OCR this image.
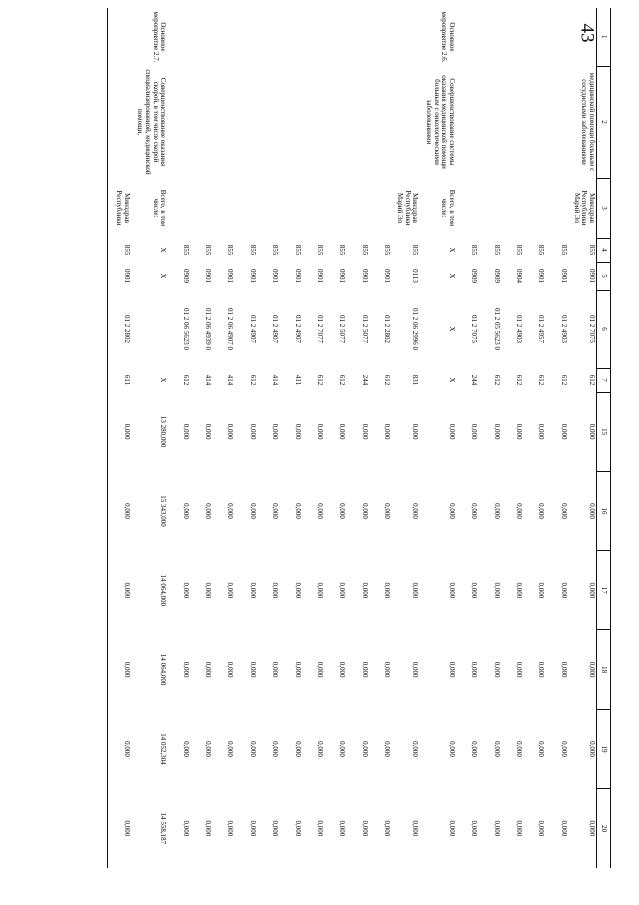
43 1	2	3	4	5	6	7	15	16	17	18	19	20
	медицинской помощи больным с сосудистыми заболеваниями	Минздрав Республики Марий Эл	855	0901	01 2 7075	612	0,000	0,000	0,000	0,000	0,000	0,000
			855	0901	01 2 4903	612	0,000	0,000	0,000	0,000	0,000	0,000
			855	0901	01 2 4957	612	0,000	0,000	0,000	0,000	0,000	0,000
			855	0904	01 2 4903	612	0,000	0,000	0,000	0,000	0,000	0,000
			855	0909	01 2 05 5623 0	612	0,000	0,000	0,000	0,000	0,000	0,000
			855	0909	01 2 7075	244	0,000	0,000	0,000	0,000	0,000	0,000
Основное мероприятие 2.6.	Совершенствование системы оказания медицинской помощи больным с онкологическими заболеваниями	Всего, в том числе:	X	X	X	X	0,000	0,000	0,000	0,000	0,000	0,000
		Минздрав Республики Марий Эл	855	0113	01 2 06 2996 0	831	0,000	0,000	0,000	0,000	0,000	0,000
			855	0901	01 2 2802	612	0,000	0,000	0,000	0,000	0,000	0,000
			855	0901	01 2 5077	244	0,000	0,000	0,000	0,000	0,000	0,000
			855	0901	01 2 5077	612	0,000	0,000	0,000	0,000	0,000	0,000
			855	0901	01 2 7077	612	0,000	0,000	0,000	0,000	0,000	0,000
			855	0901	01 2 4907	411	0,000	0,000	0,000	0,000	0,000	0,000
			855	0901	01 2 4907	414	0,000	0,000	0,000	0,000	0,000	0,000
			855	0901	01 2 4907	612	0,000	0,000	0,000	0,000	0,000	0,000
			855	0901	01 2 06 4907 0	414	0,000	0,000	0,000	0,000	0,000	0,000
			855	0901	01 2 06 4939 0	414	0,000	0,000	0,000	0,000	0,000	0,000
			855	0909	01 2 06 5623 0	612	0,000	0,000	0,000	0,000	0,000	0,000
Основное мероприятие 2.7.	Совершенствование оказания скорой, в том числе скорой специализированной, медицинской помощи,	Всего, в том числе:	X	X		X	13 280,000	15 343,000	14 064,000	14 064,000	14 052,304	14 558,187
		Минздрав Республики	855	0901	01 2 2802	611	0,000	0,000	0,000	0,000	0,000	0,000
